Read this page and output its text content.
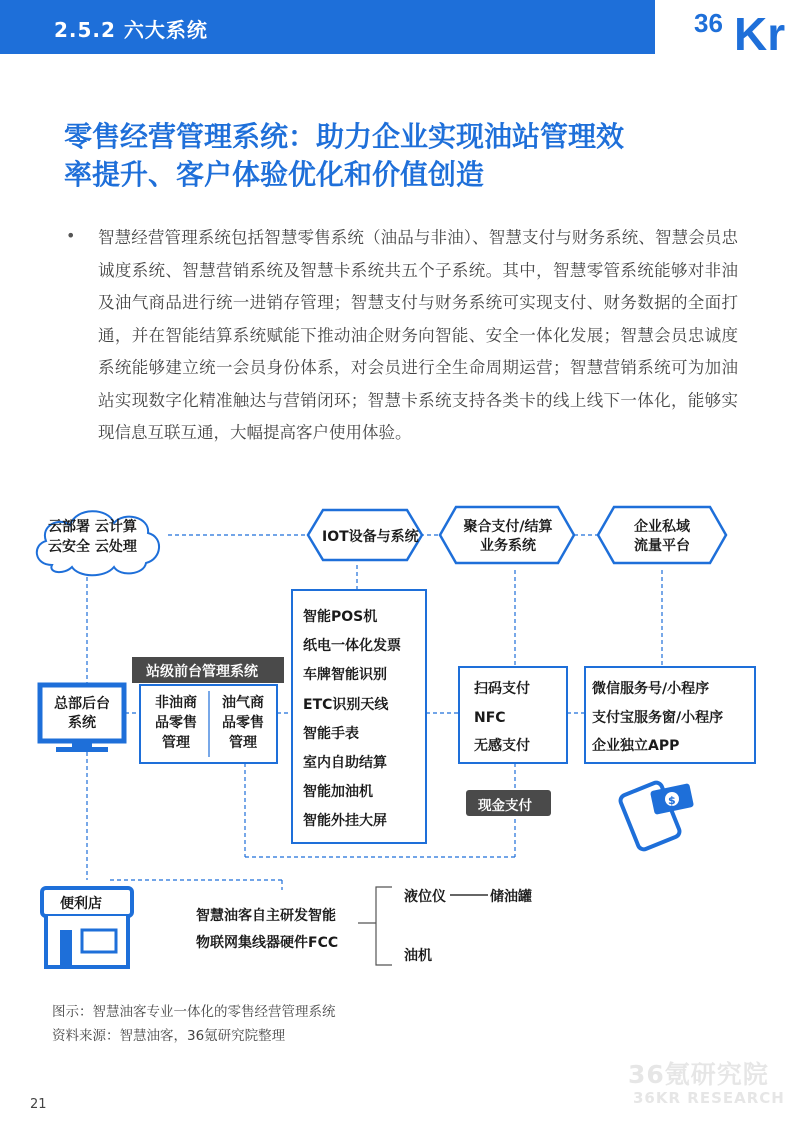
2.5.2 六大系统	36 Kr
零售经营管理系统：助力企业实现油站管理效
率提升、客户体验优化和价值创造
• 智慧经营管理系统包括智慧零售系统（油品与非油）、智慧支付与财务系统、智慧会员忠诚度系统、智慧营销系统及智慧卡系统共五个子系统。其中，智慧零管系统能够对非油及油气商品进行统一进销存管理；智慧支付与财务系统可实现支付、财务数据的全面打通，并在智能结算系统赋能下推动油企财务向智能、安全一体化发展；智慧会员忠诚度系统能够建立统一会员身份体系，对会员进行全生命周期运营；智慧营销系统可为加油站实现数字化精准触达与营销闭环；智慧卡系统支持各类卡的线上线下一体化，能够实现信息互联互通，大幅提高客户使用体验。
$
云部署 云计算
云安全 云处理
IOT设备与系统
聚合支付/结算
业务系统
企业私域
流量平台
智能POS机
纸电一体化发票
车牌智能识别
ETC识别天线
智能手表
室内自助结算
智能加油机
智能外挂大屏
扫码支付
NFC
无感支付
现金支付
微信服务号/小程序
支付宝服务窗/小程序
企业独立APP
站级前台管理系统
非油商
品零售
管理
油气商
品零售
管理
总部后台
系统
便利店
智慧油客自主研发智能
物联网集线器硬件FCC
液位仪	储油罐
油机
图示：智慧油客专业一体化的零售经营管理系统
资料来源：智慧油客，36氪研究院整理
21
36氪研究院
36KR RESEARCH
